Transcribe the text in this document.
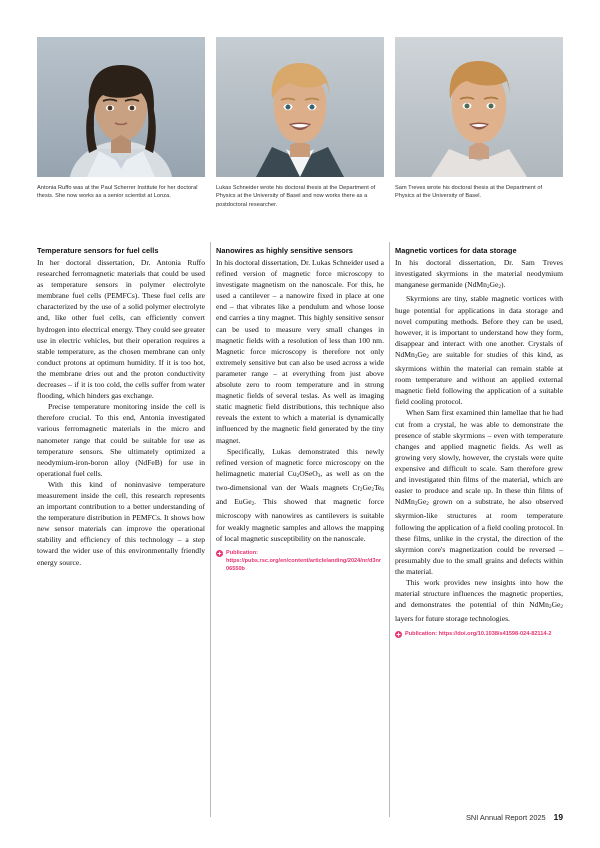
Antonia Ruffo was at the Paul Scherrer Institute for her doctoral thesis. She now works as a senior scientist at Lonza.
Lukas Schneider wrote his doctoral thesis at the Department of Physics at the University of Basel and now works there as a postdoctoral researcher.
Sam Treves wrote his doctoral thesis at the Department of Physics at the University of Basel.
Temperature sensors for fuel cells

In her doctoral dissertation, Dr. Antonia Ruffo researched ferromagnetic materials that could be used as temperature sensors in polymer electrolyte membrane fuel cells (PEMFCs). These fuel cells are characterized by the use of a solid polymer electrolyte and, like other fuel cells, can efficiently convert hydrogen into electrical energy. They could see greater use in electric vehicles, but their operation requires a stable temperature, as the chosen membrane can only conduct protons at optimum humidity. If it is too hot, the membrane dries out and the proton conductivity decreases – if it is too cold, the cells suffer from water flooding, which hinders gas exchange.

Precise temperature monitoring inside the cell is therefore crucial. To this end, Antonia investigated various ferromagnetic materials in the micro and nanometer range that could be suitable for use as temperature sensors. She ultimately optimized a neodymium-iron-boron alloy (NdFeB) for use in operational fuel cells.

With this kind of noninvasive temperature measurement inside the cell, this research represents an important contribution to a better understanding of the temperature distribution in PEMFCs. It shows how new sensor materials can improve the operational stability and efficiency of this technology – a step toward the wider use of this environmentally friendly energy source.

Nanowires as highly sensitive sensors

In his doctoral dissertation, Dr. Lukas Schneider used a refined version of magnetic force microscopy to investigate magnetism on the nanoscale. For this, he used a cantilever – a nanowire fixed in place at one end – that vibrates like a pendulum and whose loose end carries a tiny magnet. This highly sensitive sensor can be used to measure very small changes in magnetic fields with a resolution of less than 100 nm. Magnetic force microscopy is therefore not only extremely sensitive but can also be used across a wide parameter range – at everything from just above absolute zero to room temperature and in strong magnetic fields of several teslas. As well as imaging static magnetic field distributions, this technique also reveals the extent to which a material is dynamically influenced by the magnetic field generated by the tiny magnet.

Specifically, Lukas demonstrated this newly refined version of magnetic force microscopy on the helimagnetic material $Cu_2OSeO_3$, as well as on the two-dimensional van der Waals magnets $Cr_2Ge_2Te_6$ and EuGe$_2$. This showed that magnetic force microscopy with nanowires as cantilevers is suitable for weakly magnetic samples and allows the mapping of local magnetic susceptibility on the nanoscale.

Publication: https://pubs.rsc.org/en/content/articlelanding/2024/nr/d3nr06550b
Magnetic vortices for data storage

In his doctoral dissertation, Dr. Sam Treves investigated skyrmions in the material neodymium manganese germanide $(NdMn_2Ge_2)$.

Skyrmions are tiny, stable magnetic vortices with huge potential for applications in data storage and novel computing methods. Before they can be used, however, it is important to understand how they form, disappear and interact with one another. Crystals of $NdMn_2Ge_2$ are suitable for studies of this kind, as skyrmions within the material can remain stable at room temperature and without an applied external magnetic field following the application of a suitable field cooling protocol.

When Sam first examined thin lamellae that he had cut from a crystal, he was able to demonstrate the presence of stable skyrmions – even with temperature changes and applied magnetic fields. As well as growing very slowly, however, the crystals were quite expensive and difficult to scale. Sam therefore grew and investigated thin films of the material, which are easier to produce and scale up. In these thin films of $NdMn_2Ge_2$ grown on a substrate, he also observed skyrmion-like structures at room temperature following the application of a field cooling protocol. In these films, unlike in the crystal, the direction of the skyrmion core's magnetization could be reversed – presumably due to the small grains and defects within the material.

This work provides new insights into how the material structure influences the magnetic properties, and demonstrates the potential of thin $NdMn_2Ge_2$ layers for future storage technologies.

Publication: https://doi.org/10.1038/s41598-024-82114-2
SNI Annual Report 2025 19
